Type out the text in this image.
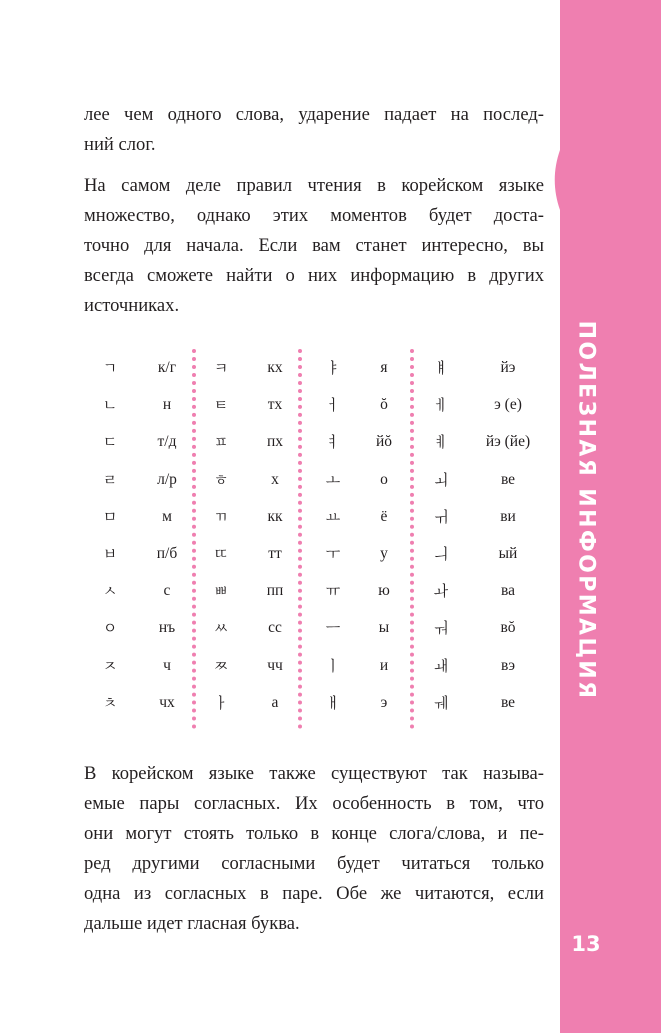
ПОЛЕЗНАЯ ИНФОРМАЦИЯ
13

лее чем одного слова, ударение падает на послед-
ний слог.

На самом деле правил чтения в корейском языке
множество, однако этих моментов будет доста-
точно для начала. Если вам станет интересно, вы
всегда сможете найти о них информацию в других
источниках.

ㄱ	к/г	ㅋ	кх	ㅑ	я	ㅒ	йэ
ㄴ	н	ㅌ	тх	ㅓ	ŏ	ㅔ	э (е)
ㄷ	т/д	ㅍ	пх	ㅕ	йŏ	ㅖ	йэ (йе)
ㄹ	л/р	ㅎ	х	ㅗ	о	ㅚ	ве
ㅁ	м	ㄲ	кк	ㅛ	ё	ㅟ	ви
ㅂ	п/б	ㄸ	тт	ㅜ	у	ㅢ	ый
ㅅ	с	ㅃ	пп	ㅠ	ю	ㅘ	ва
ㅇ	нъ	ㅆ	сс	ㅡ	ы	ㅝ	вŏ
ㅈ	ч	ㅉ	чч	ㅣ	и	ㅙ	вэ
ㅊ	чх	ㅏ	а	ㅐ	э	ㅞ	ве

В корейском языке также существуют так называ-
емые пары согласных. Их особенность в том, что
они могут стоять только в конце слога/слова, и пе-
ред другими согласными будет читаться только
одна из согласных в паре. Обе же читаются, если
дальше идет гласная буква.
